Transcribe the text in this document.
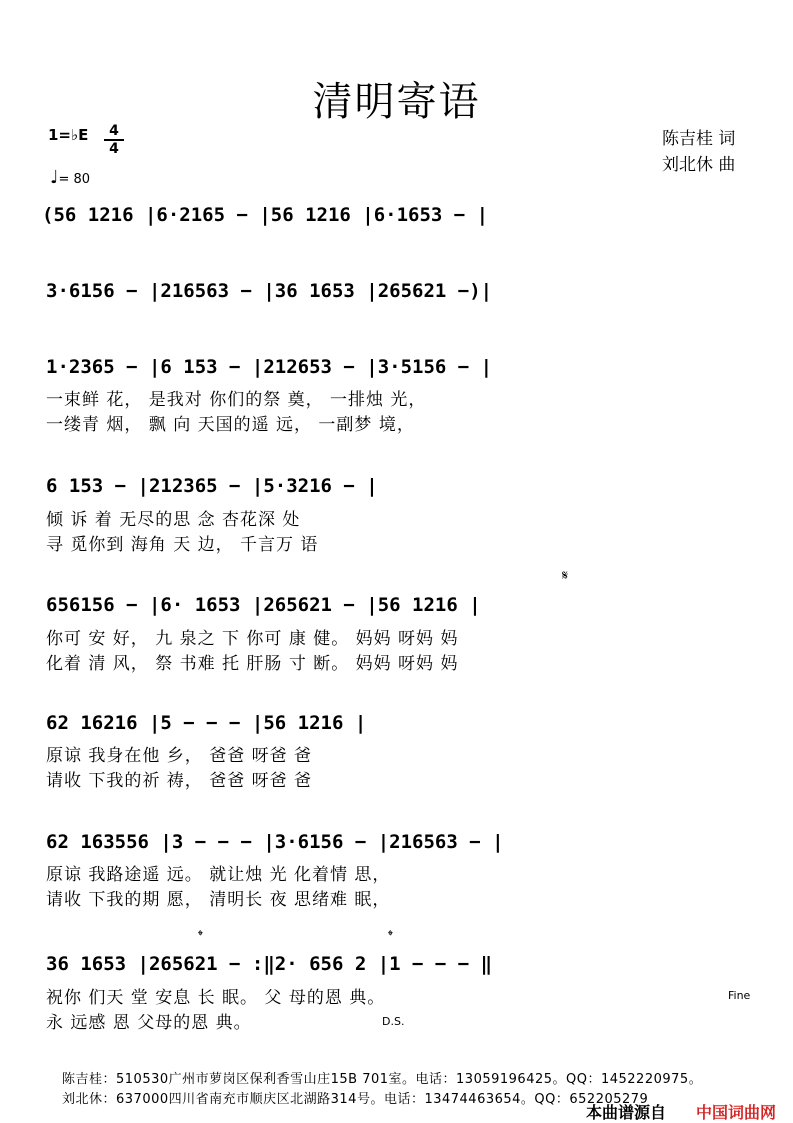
清明寄语
1=♭E	4
4
♩= 80
陈吉桂 词
刘北休 曲
(56 1216 |6·2165 − |56 1216 |6·1653 − |
3·6156 − |216563 − |36 1653 |265621 −)|
1·2365 − |6 153 − |212653 − |3·5156 − |
一束鲜 花， 是我对 你们的祭 奠， 一排烛 光，
一缕青 烟， 飘 向 天国的遥 远， 一副梦 境，
6 153 − |212365 − |5·3216 − |
倾 诉 着 无尽的思 念 杏花深 处
寻 觅你到 海角 天 边， 千言万 语
𝄋
656156 − |6· 1653 |265621 − |56 1216 |
你可 安 好， 九 泉之 下 你可 康 健。 妈妈 呀妈 妈
化着 清 风， 祭 书难 托 肝肠 寸 断。 妈妈 呀妈 妈
62 16216 |5 − − − |56 1216 |
原谅 我身在他 乡， 爸爸 呀爸 爸
请收 下我的祈 祷， 爸爸 呀爸 爸
62 163556 |3 − − − |3·6156 − |216563 − |
原谅 我路途遥 远。 就让烛 光 化着情 思，
请收 下我的期 愿， 清明长 夜 思绪难 眠，
𝄌	𝄌
36 1653 |265621 − :‖2· 656 2 |1 − − − ‖
祝你 们天 堂 安息 长 眠。 父 母的恩 典。
永 远感 恩 父母的恩 典。
Fine
D.S.
陈吉桂：510530广州市萝岗区保利香雪山庄15B 701室。电话：13059196425。QQ：1452220975。
刘北休：637000四川省南充市顺庆区北湖路314号。电话：13474463654。QQ：652205279
本曲谱源自 中国词曲网
